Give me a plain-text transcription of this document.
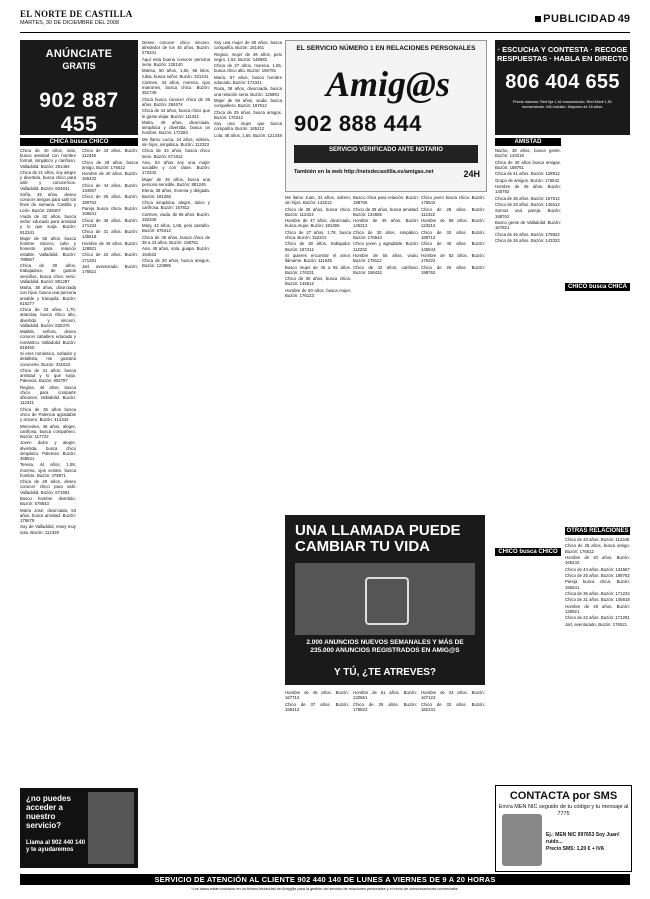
EL NORTE DE CASTILLA
MARTES, 30 DE DICIEMBRE DEL 2008	PUBLICIDAD 49
ANÚNCIATE
GRATIS
902 887 455
CHICA busca CHICO

Chica de 40 años, sola, busca amistad con hombre formal, simpático y cariñoso. Valladolid. Buzón: 281494

Chica de 21 años, soy alegre y divertida, busca chico para salir y conocernos. Valladolid. Buzón: 604841

Sofía, 45 años, deseo conocer amigos para salir los fines de semana. Castilla y León. Buzón: 228407

Viuda de 62 años, busca señor educado para amistad y lo que surja. Buzón: 912341

Mujer de 55 años, busca hombre sincero, culto y honesto para relación estable. Valladolid. Buzón: 789567

Chica de 30 años, trabajadora, de gustos sencillos, busca chico serio. Valladolid. Buzón: 881287

Marta, 38 años, divorciada con hijos, busca una persona amable y tranquila. Buzón: 616277

Chica de 33 años, 1,70, atractiva, busca chico alto, divertido y sincero. Valladolid. Buzón: 825376

Matilde, señora, deseo conocer caballero educado y romántico. Valladolid. Buzón: 819450

Si eres romántico, soñador y detallista, me gustaría conocerte. Buzón: 331622

Chica de 41 años, busca amistad y lo que surja. Palencia. Buzón: 902787

Regina, 46 años, busca chico para compartir aficiones. Valladolid. Buzón: 112341

Chica de 36 años busca chico de Palencia agradable y sincero. Buzón: 412342

Mercedes, 48 años, alegre, cariñosa, busca compañero. Buzón: 117722

Joven dulce y alegre, divertida, busca chico simpático. Palencia. Buzón: 458521

Teresa, 44 años, 1,58, morena, ojos verdes, busca hombre. Buzón: 478871

Chica de 29 años, deseo conocer chico para salir. Valladolid. Buzón: 671681

Busco hombre divertido. Buzón: 678543

María José, divorciada, 53 años, busca amistad. Buzón: 175678

Soy de Valladolid, estoy muy sola. Buzón: 112328

Deseo conocer chico sincero, alrededor de los 45 años. Buzón: 276341

Aquí esta buena conocer persona seria. Buzón: 128140

Marisa, 50 años, 1,60, 65 kilos, rubia, busca señor. Buzón: 321341

Carmen, 34 años, morena, ojos marrones, busca chico. Buzón: 351749

Chica busca conocer chico de 36 años. Buzón: 284674

Chica de 44 años, busca chico que le guste viajar. Buzón: 111342

Maria, 49 años, divorciada, simpática y divertida, busca un hombre. Buzón: 172284

Me llamo Lucía, 44 años, soltera, sin hijos, simpática. Buzón: 112323

Chica de 34 años, busca chico serio. Buzón: 671812

Ana, 54 años soy una mujer sociable y con clase. Buzón: 172342

Mujer de 45 años, busca una persona sensible. Buzón: 881245

Elena, 38 años, morena y delgada. Buzón: 181265

Chica simpática, alegre, dulce y cariñosa. Buzón: 167812

Carmen, viuda, de 65 años. Buzón: 192348

Mary, 42 años, 1,65, pelo castaño. Buzón: 675412

Chica de 36 años, busca chico de 35 a 43 años. Buzón: 198761

Ana, 45 años, sola, guapa. Buzón: 164532

Chica de 30 años, busca amigos. Buzón: 123985

Soy una mujer de 60 años, busca compañía. Buzón: 161461

Regina, mujer de 49 años, pelo negro, 1,62. Buzón: 145682

Chica de 27 años, morena, 1,65, busca chico alto. Buzón: 156781

María, 57 años, busca hombre educado. Buzón: 172341

Rosa, 38 años, divorciada, busca una relación seria. Buzón: 125891

Mujer de 66 años, viuda, busca compañero. Buzón: 167512

Chica de 25 años, busca amigos. Buzón: 176312

Soy una mujer que busca compañía. Buzón: 165212

Lola, 48 años, 1,60. Buzón: 121348

Chico de 33 años. Buzón: 112345

Chico de 28 años, busca amigo. Buzón: 176512

Hombre de 40 años. Buzón: 165432

Chico de 44 años. Buzón: 134567

Chico de 25 años. Buzón: 189762

Pareja busca chica. Buzón: 156541

Chica de 36 años. Buzón: 171234

Chico de 31 años. Buzón: 145618

Hombre de 49 años. Buzón: 128921

Chico de 22 años. Buzón: 171281

Jarl, aventurado. Buzón: 176521

EL SERVICIO NÚMERO 1 EN RELACIONES PERSONALES
Amig@s
902 888 444
SERVICIO VERIFICADO ANTE NOTARIO
También en la web http://netsdecastilla.es/amigas.net	24H

Me llamo Juan, 31 años, soltero, sin hijos. Buzón: 143212

Chico de 35 años, busca chica. Buzón: 112324

Hombre de 47 años, divorciado, busca mujer. Buzón: 181365

Chico de 27 años, 1,78, busca chica. Buzón: 152341

Chico de 38 años, trabajador. Buzón: 187412

Si quieres encontrar el amor, llámame. Buzón: 111645

Busco mujer de 40 a 55 años. Buzón: 176231

Chico de 30 años, busca chica. Buzón: 145612

Hombre de 50 años, busca mujer. Buzón: 176123

Busco chica para relación. Buzón: 198765

Chico de 39 años, busca amistad. Buzón: 134565

Hombre de 45 años. Buzón: 145212

Chico de 30 años, simpático. Buzón: 176543

Chico joven y agradable. Buzón: 112232

Hombre de 55 años, viudo. Buzón: 178112

Chico de 42 años, cariñoso. Buzón: 156432

Chico joven busca chica. Buzón: 176542

Chico de 28 años. Buzón: 112322

Hombre de 58 años. Buzón: 123212

Chico de 33 años. Buzón: 189712

Chico de 40 años. Buzón: 145543

Hombre de 52 años. Buzón: 176222

Chico de 26 años. Buzón: 198762

UNA LLAMADA PUEDE CAMBIAR TU VIDA
2.000 ANUNCIOS NUEVOS SEMANALES Y MÁS DE 235.000 ANUNCIOS REGISTRADOS EN AMIG@S
Y TÚ, ¿TE ATREVES?

Hombre de 46 años. Buzón: 167712

Chico de 37 años. Buzón: 155412

Hombre de 61 años. Buzón: 132561

Chico de 29 años. Buzón: 178823

Hombre de 43 años. Buzón: 167123

Chico de 32 años. Buzón: 182231

· ESCUCHA Y CONTESTA · RECOGE RESPUESTAS · HABLA EN DIRECTO
806 404 655
Precio máximo: Red fija 1,16 euros/minuto. Red Móvil 1,51 euros/minuto. IVA incluido. Mayores de 18 años.
AMISTAD

Nacho, 38 años, busca gente. Buzón: 143218

Chica de 30 años busca amigas. Buzón: 188761

Chica de 41 años. Buzón: 128912

Grupo de amigos. Buzón: 176542

Hombre de 45 años. Buzón: 145782

Chica de 35 años. Buzón: 167812

Chico de 33 años. Buzón: 145612

Somos una pareja. Buzón: 198762

Busco gente de Valladolid. Buzón: 167821

Chica de 46 años. Buzón: 178822

Chico de 26 años. Buzón: 143322

CHICO busca CHICO
CHICO busca CHICA
OTRAS RELACIONES

Chico de 33 años. Buzón: 112345

Chico de 28 años, busca amigo. Buzón: 176512

Hombre de 40 años. Buzón: 165432

Chico de 44 años. Buzón: 134567

Chico de 25 años. Buzón: 189762

Pareja busca chica. Buzón: 156541

Chica de 36 años. Buzón: 171234

Chico de 31 años. Buzón: 145618

Hombre de 49 años. Buzón: 128921

Chico de 22 años. Buzón: 171281

Jarl, aventurado. Buzón: 176521

¿no puedes acceder a nuestro servicio?
Llama al 902 440 140 y te ayudaremos
CONTACTA por SMS
Envía MEN NIC seguido de tu código y tu mensaje al 7775
Ej.: MEN NIC 997653 Soy Juan! ruido...
Precio SMS: 1,20 € + IVA
SERVICIO DE ATENCIÓN AL CLIENTE 902 440 140 DE LUNES A VIERNES DE 9 A 20 HORAS
*Los datos están incluidos en un fichero titularidad de Amig@s para la gestión del servicio de relaciones personales y el envío de comunicaciones comerciales.
